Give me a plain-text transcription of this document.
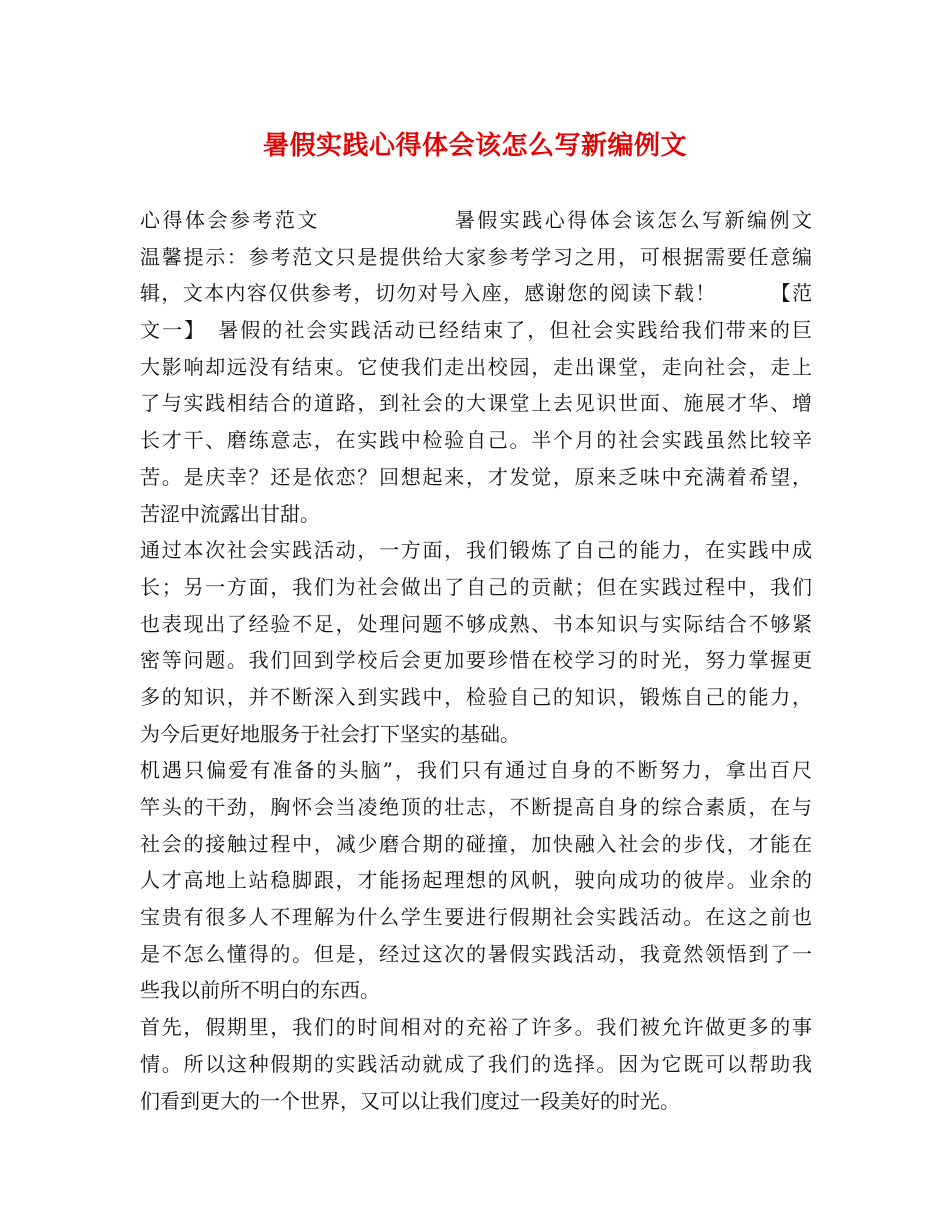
暑假实践心得体会该怎么写新编例文
心得体会参考范文　　　　　　暑假实践心得体会该怎么写新编例文
温馨提示：参考范文只是提供给大家参考学习之用，可根据需要任意编
辑，文本内容仅供参考，切勿对号入座，感谢您的阅读下载！　　　【范
文一】　暑假的社会实践活动已经结束了，但社会实践给我们带来的巨
大影响却远没有结束。它使我们走出校园，走出课堂，走向社会，走上
了与实践相结合的道路，到社会的大课堂上去见识世面、施展才华、增
长才干、磨练意志，在实践中检验自己。半个月的社会实践虽然比较辛
苦。是庆幸？还是依恋？回想起来，才发觉，原来乏味中充满着希望，
苦涩中流露出甘甜。
通过本次社会实践活动，一方面，我们锻炼了自己的能力，在实践中成
长；另一方面，我们为社会做出了自己的贡献；但在实践过程中，我们
也表现出了经验不足，处理问题不够成熟、书本知识与实际结合不够紧
密等问题。我们回到学校后会更加要珍惜在校学习的时光，努力掌握更
多的知识，并不断深入到实践中，检验自己的知识，锻炼自己的能力，
为今后更好地服务于社会打下坚实的基础。
机遇只偏爱有准备的头脑”，我们只有通过自身的不断努力，拿出百尺
竿头的干劲，胸怀会当凌绝顶的壮志，不断提高自身的综合素质，在与
社会的接触过程中，减少磨合期的碰撞，加快融入社会的步伐，才能在
人才高地上站稳脚跟，才能扬起理想的风帆，驶向成功的彼岸。业余的
宝贵有很多人不理解为什么学生要进行假期社会实践活动。在这之前也
是不怎么懂得的。但是，经过这次的暑假实践活动，我竟然领悟到了一
些我以前所不明白的东西。
首先，假期里，我们的时间相对的充裕了许多。我们被允许做更多的事
情。所以这种假期的实践活动就成了我们的选择。因为它既可以帮助我
们看到更大的一个世界，又可以让我们度过一段美好的时光。
